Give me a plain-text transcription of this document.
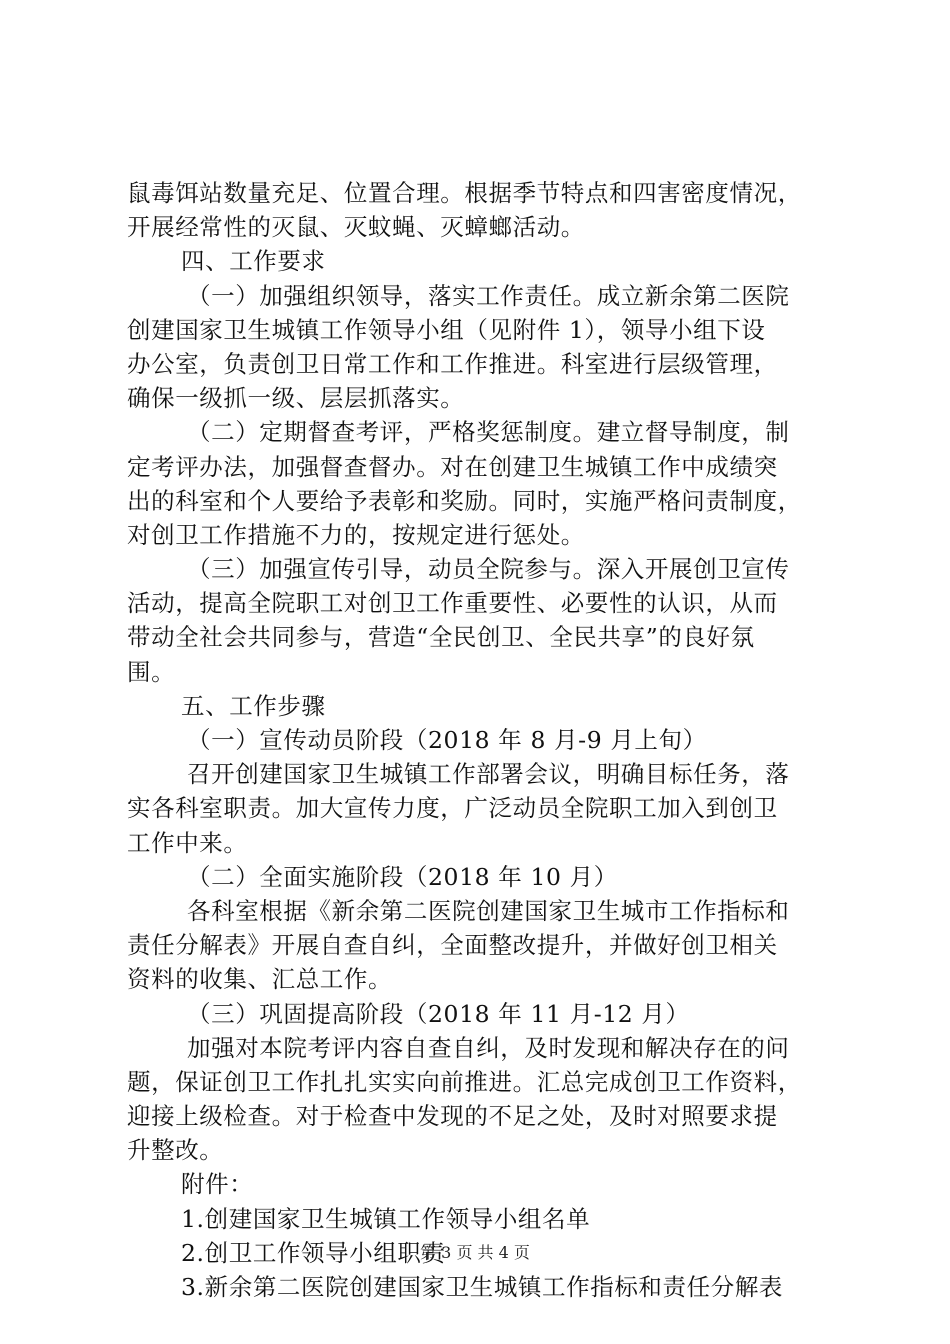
鼠毒饵站数量充足、位置合理。根据季节特点和四害密度情况，
开展经常性的灭鼠、灭蚊蝇、灭蟑螂活动。
四、工作要求
（一）加强组织领导，落实工作责任。成立新余第二医院
创建国家卫生城镇工作领导小组（见附件 1），领导小组下设
办公室，负责创卫日常工作和工作推进。科室进行层级管理，
确保一级抓一级、层层抓落实。
（二）定期督查考评，严格奖惩制度。建立督导制度，制
定考评办法，加强督查督办。对在创建卫生城镇工作中成绩突
出的科室和个人要给予表彰和奖励。同时，实施严格问责制度，
对创卫工作措施不力的，按规定进行惩处。
（三）加强宣传引导，动员全院参与。深入开展创卫宣传
活动，提高全院职工对创卫工作重要性、必要性的认识，从而
带动全社会共同参与，营造“全民创卫、全民共享”的良好氛
围。
五、工作步骤
（一）宣传动员阶段（2018 年 8 月-9 月上旬）
召开创建国家卫生城镇工作部署会议，明确目标任务，落
实各科室职责。加大宣传力度，广泛动员全院职工加入到创卫
工作中来。
（二）全面实施阶段（2018 年 10 月）
各科室根据《新余第二医院创建国家卫生城市工作指标和
责任分解表》开展自查自纠，全面整改提升，并做好创卫相关
资料的收集、汇总工作。
（三）巩固提高阶段（2018 年 11 月-12 月）
加强对本院考评内容自查自纠，及时发现和解决存在的问
题，保证创卫工作扎扎实实向前推进。汇总完成创卫工作资料，
迎接上级检查。对于检查中发现的不足之处，及时对照要求提
升整改。
附件：
1.创建国家卫生城镇工作领导小组名单
2.创卫工作领导小组职责
3.新余第二医院创建国家卫生城镇工作指标和责任分解表
第 3 页 共 4 页
